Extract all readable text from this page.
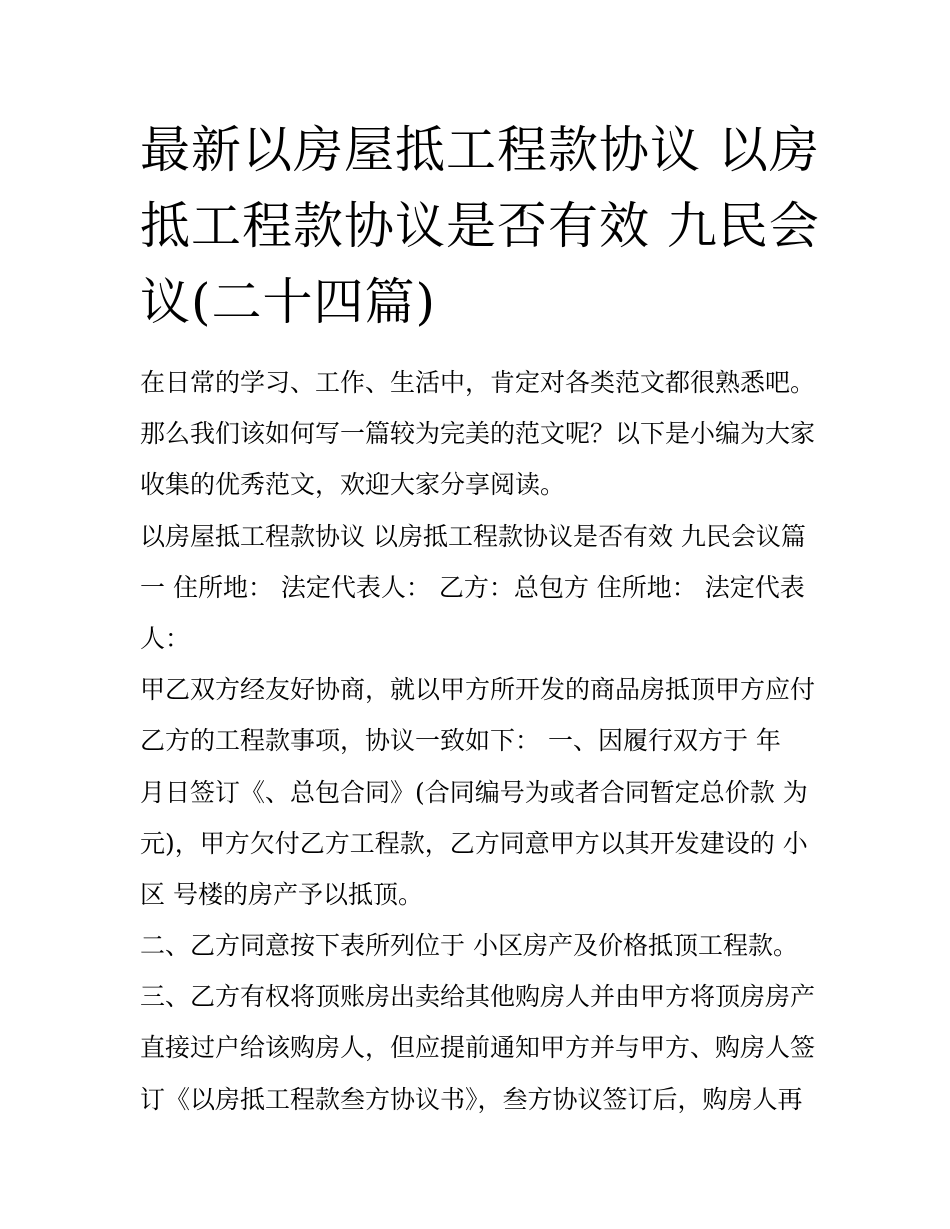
最新以房屋抵工程款协议 以房
抵工程款协议是否有效 九民会
议(二十四篇)
在日常的学习、工作、生活中，肯定对各类范文都很熟悉吧。
那么我们该如何写一篇较为完美的范文呢？以下是小编为大家
收集的优秀范文，欢迎大家分享阅读。
以房屋抵工程款协议 以房抵工程款协议是否有效 九民会议篇
一 住所地： 法定代表人： 乙方：总包方 住所地： 法定代表
人：
甲乙双方经友好协商，就以甲方所开发的商品房抵顶甲方应付
乙方的工程款事项，协议一致如下： 一、因履行双方于 年
月日签订《、总包合同》(合同编号为或者合同暂定总价款 为
元)，甲方欠付乙方工程款，乙方同意甲方以其开发建设的 小
区 号楼的房产予以抵顶。
二、乙方同意按下表所列位于 小区房产及价格抵顶工程款。
三、乙方有权将顶账房出卖给其他购房人并由甲方将顶房房产
直接过户给该购房人，但应提前通知甲方并与甲方、购房人签
订《以房抵工程款叁方协议书》，叁方协议签订后，购房人再
